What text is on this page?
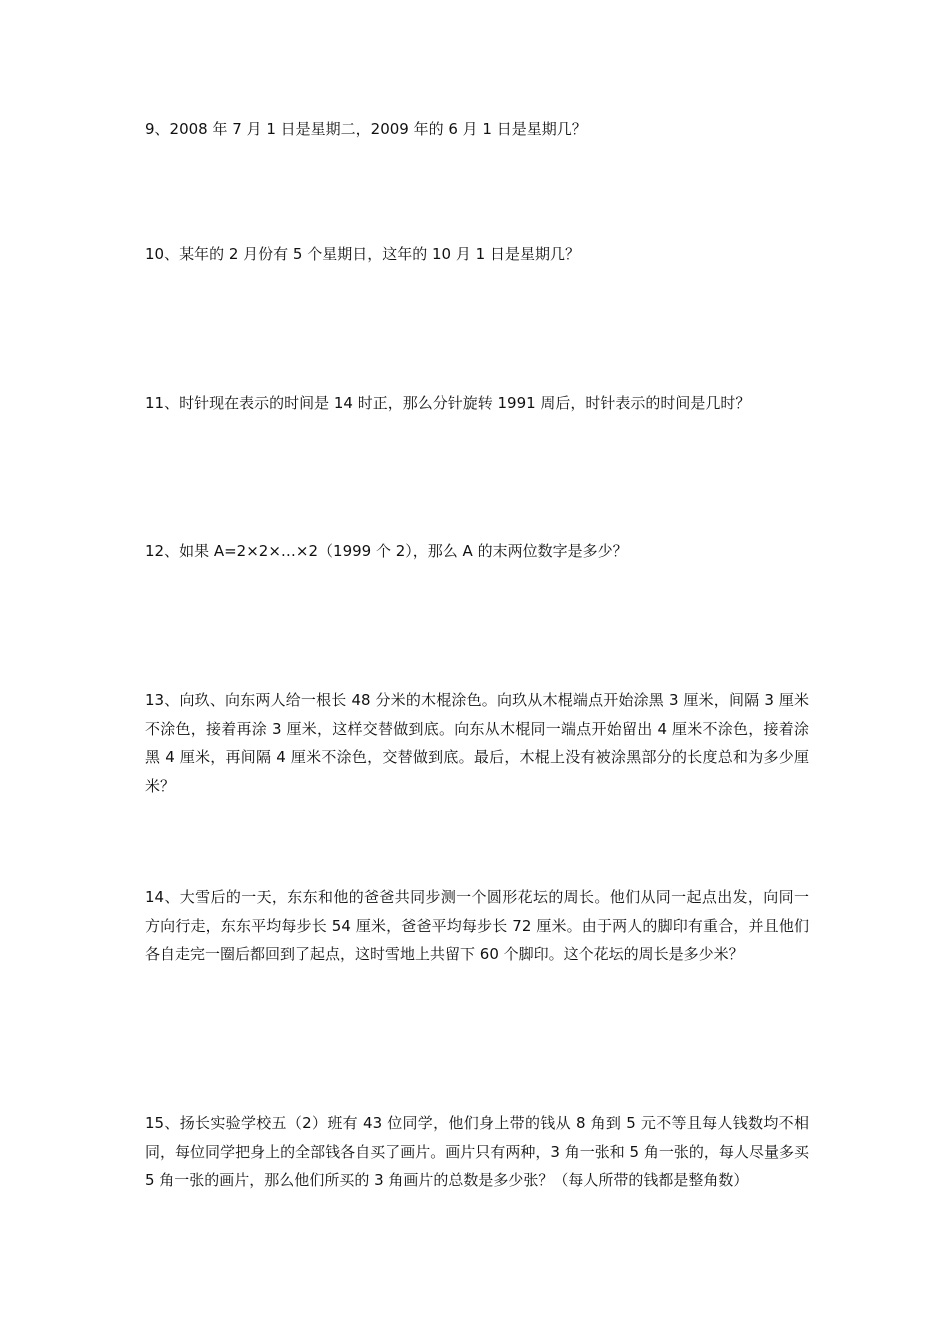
9、2008 年 7 月 1 日是星期二，2009 年的 6 月 1 日是星期几？

10、某年的 2 月份有 5 个星期日，这年的 10 月 1 日是星期几？

11、时针现在表示的时间是 14 时正，那么分针旋转 1991 周后，时针表示的时间是几时？

12、如果 A=2×2×…×2（1999 个 2），那么 A 的末两位数字是多少？

13、向玖、向东两人给一根长 48 分米的木棍涂色。向玖从木棍端点开始涂黑 3 厘米，间隔 3 厘米不涂色，接着再涂 3 厘米，这样交替做到底。向东从木棍同一端点开始留出 4 厘米不涂色，接着涂黑 4 厘米，再间隔 4 厘米不涂色，交替做到底。最后，木棍上没有被涂黑部分的长度总和为多少厘米？

14、大雪后的一天，东东和他的爸爸共同步测一个圆形花坛的周长。他们从同一起点出发，向同一方向行走，东东平均每步长 54 厘米，爸爸平均每步长 72 厘米。由于两人的脚印有重合，并且他们各自走完一圈后都回到了起点，这时雪地上共留下 60 个脚印。这个花坛的周长是多少米？

15、扬长实验学校五（2）班有 43 位同学，他们身上带的钱从 8 角到 5 元不等且每人钱数均不相同，每位同学把身上的全部钱各自买了画片。画片只有两种，3 角一张和 5 角一张的，每人尽量多买 5 角一张的画片，那么他们所买的 3 角画片的总数是多少张？（每人所带的钱都是整角数）
